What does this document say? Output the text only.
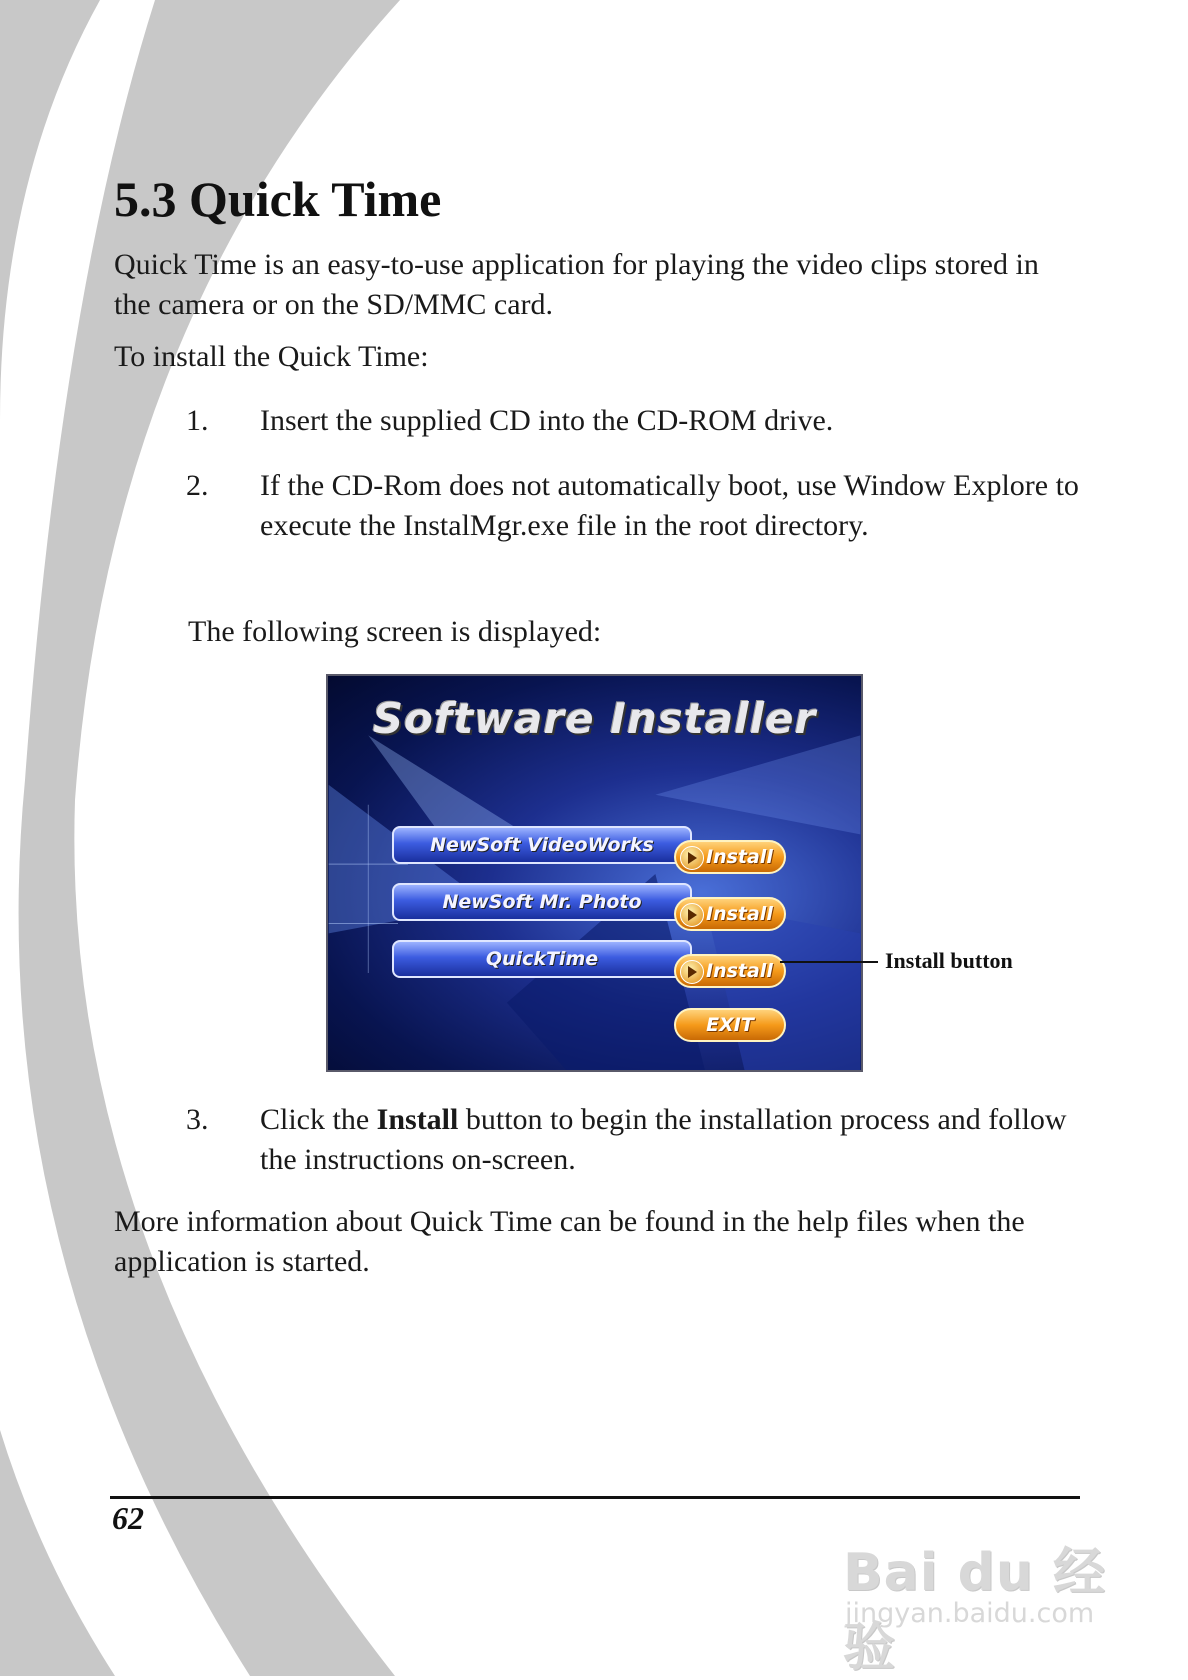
5.3 Quick Time

Quick Time is an easy-to-use application for playing the video clips stored in the camera or on the SD/MMC card.

To install the Quick Time:

1. Insert the supplied CD into the CD-ROM drive.

2. If the CD-Rom does not automatically boot, use Window Explore to execute the InstalMgr.exe file in the root directory.

The following screen is displayed:

Software Installer
NewSoft VideoWorks
Install
NewSoft Mr. Photo
Install
QuickTime
Install
EXIT
Install button
3. Click the Install button to begin the installation process and follow the instructions on-screen.

More information about Quick Time can be found in the help files when the application is started.

62
Bai du 经验
jingyan.baidu.com
